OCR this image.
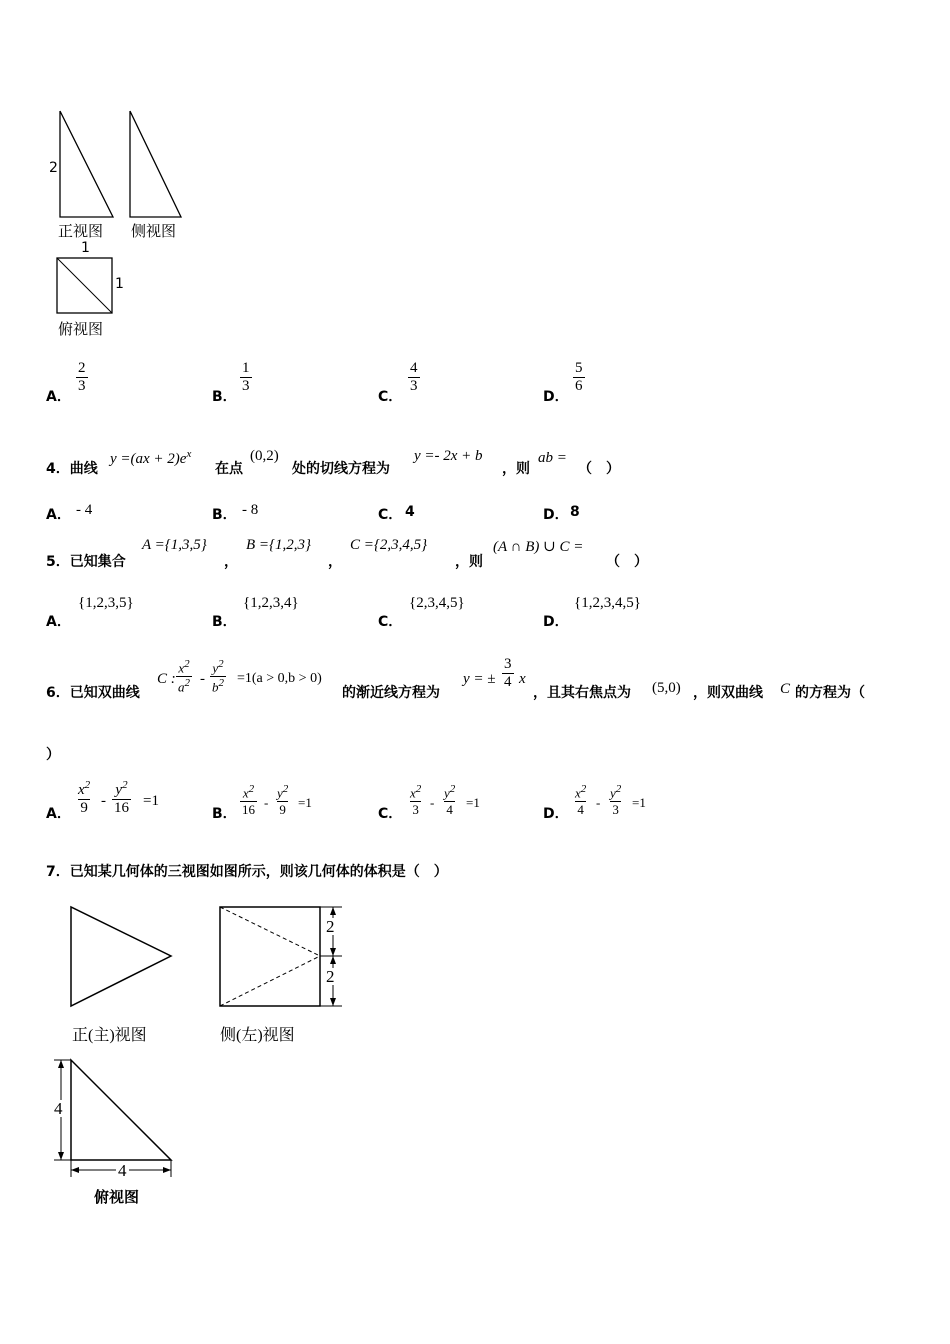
2
正视图 侧视图
1
1
俯视图
A．
$\frac{2}{3}$
B．
$\frac{1}{3}$
C．
$\frac{4}{3}$
D．
$\frac{5}{6}$
4．曲线
$y =(ax + 2)e^x$
在点
(0,2)
处的切线方程为
y =- 2x + b
，则
ab =
（　）
A． - 4	B． - 8	C． 4	D． 8
5．已知集合
A ={1,3,5}
，
B ={1,2,3}
，
C ={2,3,4,5}
，则
(A ∩ B) ∪ C =
（　）
A．
{1,2,3,5}
B．
{1,2,3,4}
C．
{2,3,4,5}
D．
{1,2,3,4,5}
6．已知双曲线
C : $\frac{x^2}{a^2} - \frac{y^2}{b^2} =1(a > 0,b > 0)$
的渐近线方程为
y = ± $\frac{3}{4}$ x
，且其右焦点为 (5,0) ，则双曲线 C 的方程为（
）
A． $\frac{x^2}{9} - \frac{y^2}{16} =1$
B． $\frac{x^2}{16} - \frac{y^2}{9} =1$
C． $\frac{x^2}{3} - \frac{y^2}{4} =1$
D． $\frac{x^2}{4} - \frac{y^2}{3} =1$
7．已知某几何体的三视图如图所示，则该几何体的体积是（　）
2
2
正(主)视图	侧(左)视图
4
4
俯视图
